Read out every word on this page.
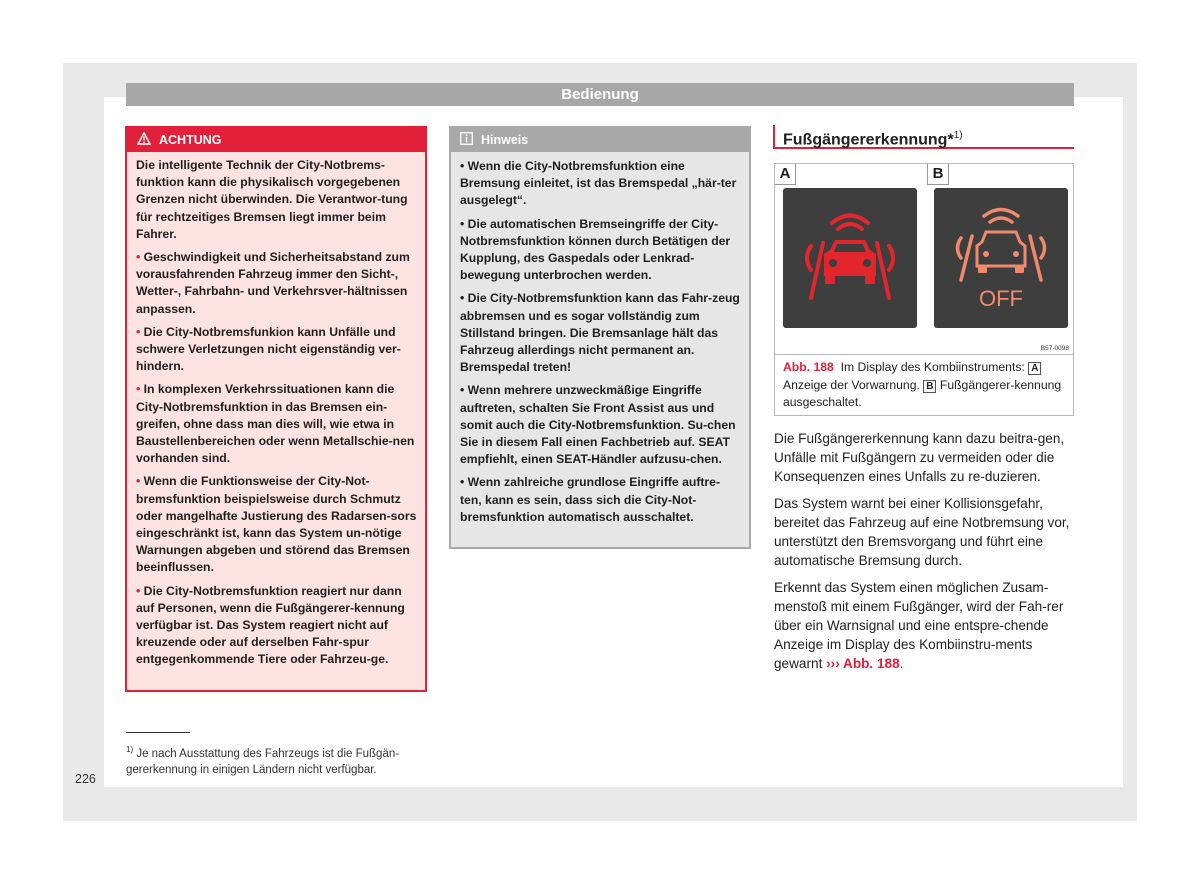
Bedienung
ACHTUNG

Die intelligente Technik der City-Notbrems-funktion kann die physikalisch vorgegebenen Grenzen nicht überwinden. Die Verantwor-tung für rechtzeitiges Bremsen liegt immer beim Fahrer.

• Geschwindigkeit und Sicherheitsabstand zum vorausfahrenden Fahrzeug immer den Sicht-, Wetter-, Fahrbahn- und Verkehrsver-hältnissen anpassen.

• Die City-Notbremsfunkion kann Unfälle und schwere Verletzungen nicht eigenständig ver-hindern.

• In komplexen Verkehrssituationen kann die City-Notbremsfunktion in das Bremsen ein-greifen, ohne dass man dies will, wie etwa in Baustellenbereichen oder wenn Metallschie-nen vorhanden sind.

• Wenn die Funktionsweise der City-Not-bremsfunktion beispielsweise durch Schmutz oder mangelhafte Justierung des Radarsen-sors eingeschränkt ist, kann das System un-nötige Warnungen abgeben und störend das Bremsen beeinflussen.

• Die City-Notbremsfunktion reagiert nur dann auf Personen, wenn die Fußgängerer-kennung verfügbar ist. Das System reagiert nicht auf kreuzende oder auf derselben Fahr-spur entgegenkommende Tiere oder Fahrzeu-ge.

Hinweis

• Wenn die City-Notbremsfunktion eine Bremsung einleitet, ist das Bremspedal „här-ter ausgelegt“.

• Die automatischen Bremseingriffe der City-Notbremsfunktion können durch Betätigen der Kupplung, des Gaspedals oder Lenkrad-bewegung unterbrochen werden.

• Die City-Notbremsfunktion kann das Fahr-zeug abbremsen und es sogar vollständig zum Stillstand bringen. Die Bremsanlage hält das Fahrzeug allerdings nicht permanent an. Bremspedal treten!

• Wenn mehrere unzweckmäßige Eingriffe auftreten, schalten Sie Front Assist aus und somit auch die City-Notbremsfunktion. Su-chen Sie in diesem Fall einen Fachbetrieb auf. SEAT empfiehlt, einen SEAT-Händler aufzusu-chen.

• Wenn zahlreiche grundlose Eingriffe auftre-ten, kann es sein, dass sich die City-Not-bremsfunktion automatisch ausschaltet.

Fußgängererkennung*$^{1)}$
A	B
OFF
B57-0098
Abb. 188 Im Display des Kombiinstruments: A Anzeige der Vorwarnung. B Fußgängerer-kennung ausgeschaltet.

Die Fußgängererkennung kann dazu beitra-gen, Unfälle mit Fußgängern zu vermeiden oder die Konsequenzen eines Unfalls zu re-duzieren.

Das System warnt bei einer Kollisionsgefahr, bereitet das Fahrzeug auf eine Notbremsung vor, unterstützt den Bremsvorgang und führt eine automatische Bremsung durch.

Erkennt das System einen möglichen Zusam-menstoß mit einem Fußgänger, wird der Fah-rer über ein Warnsignal und eine entspre-chende Anzeige im Display des Kombiinstru-ments gewarnt ››› Abb. 188.

$^{1)}$ Je nach Ausstattung des Fahrzeugs ist die Fußgän-gererkennung in einigen Ländern nicht verfügbar.
226
